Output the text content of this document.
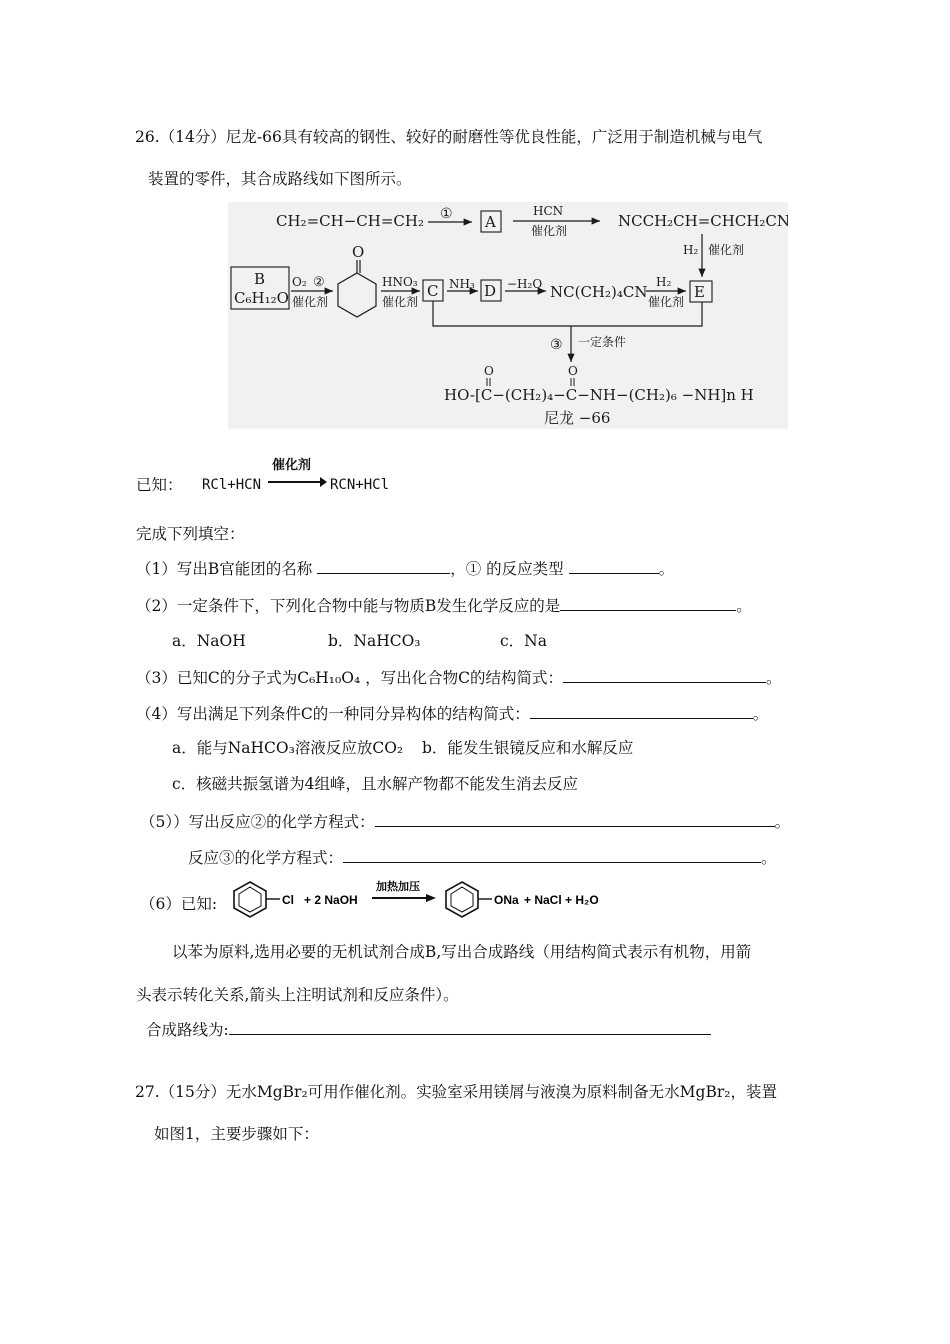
26.（14分）尼龙-66具有较高的钢性、较好的耐磨性等优良性能，广泛用于制造机械与电气
装置的零件，其合成路线如下图所示。
CH₂=CH−CH=CH₂ ① A
HCN
催化剂
NCCH₂CH=CHCH₂CN
H₂ 催化剂
B
C₆H₁₂O
O₂ ②
催化剂
O
HNO₃
催化剂
C NH₃ D −H₂O NC(CH₂)₄CN
H₂
催化剂
E
③ 一定条件
O	O
HO-[C−(CH₂)₄−C−NH−(CH₂)₆ −NH]n H
尼龙 −66
已知： RCl+HCN
催化剂
RCN+HCl
完成下列填空：
（1）写出B官能团的名称	，① 的反应类型	。
（2）一定条件下，下列化合物中能与物质B发生化学反应的是	。
a．NaOH	b．NaHCO₃	c．Na
（3）已知C的分子式为C₆H₁₀O₄ ，写出化合物C的结构简式：	。
（4）写出满足下列条件C的一种同分异构体的结构简式：	。
a．能与NaHCO₃溶液反应放CO₂ b．能发生银镜反应和水解反应
c．核磁共振氢谱为4组峰，且水解产物都不能发生消去反应
（5））写出反应②的化学方程式：	。
反应③的化学方程式：	。
（6）已知:	Cl + 2 NaOH
加热加压
ONa + NaCl + H₂O
以苯为原料,选用必要的无机试剂合成B,写出合成路线（用结构简式表示有机物，用箭
头表示转化关系,箭头上注明试剂和反应条件）。
合成路线为:
27.（15分）无水MgBr₂可用作催化剂。实验室采用镁屑与液溴为原料制备无水MgBr₂，装置
如图1，主要步骤如下：
